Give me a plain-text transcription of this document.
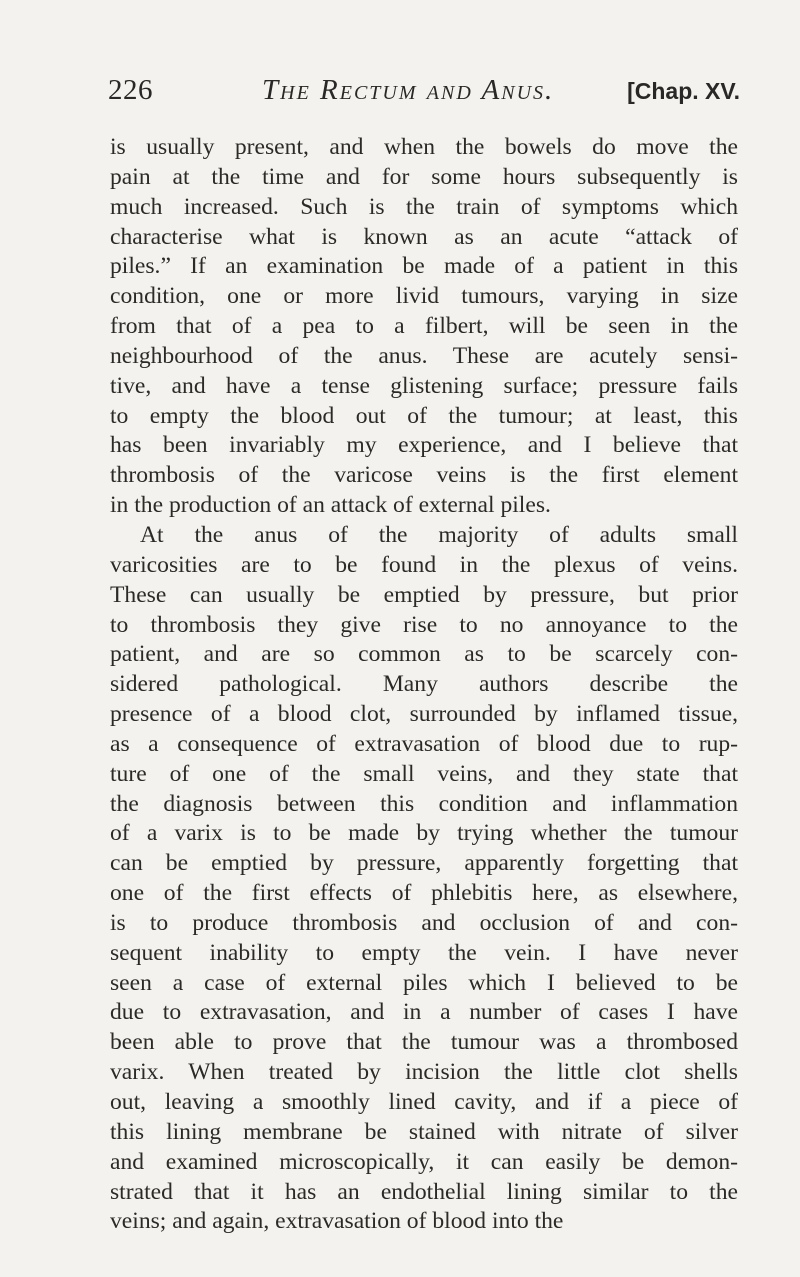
226	The Rectum and Anus.	[Chap. XV.
is usually present, and when the bowels do move the
pain at the time and for some hours subsequently is
much increased. Such is the train of symptoms which
characterise what is known as an acute “attack of
piles.” If an examination be made of a patient in this
condition, one or more livid tumours, varying in size
from that of a pea to a filbert, will be seen in the
neighbourhood of the anus. These are acutely sensi-
tive, and have a tense glistening surface; pressure fails
to empty the blood out of the tumour; at least, this
has been invariably my experience, and I believe that
thrombosis of the varicose veins is the first element
in the production of an attack of external piles.
At the anus of the majority of adults small
varicosities are to be found in the plexus of veins.
These can usually be emptied by pressure, but prior
to thrombosis they give rise to no annoyance to the
patient, and are so common as to be scarcely con-
sidered pathological. Many authors describe the
presence of a blood clot, surrounded by inflamed tissue,
as a consequence of extravasation of blood due to rup-
ture of one of the small veins, and they state that
the diagnosis between this condition and inflammation
of a varix is to be made by trying whether the tumour
can be emptied by pressure, apparently forgetting that
one of the first effects of phlebitis here, as elsewhere,
is to produce thrombosis and occlusion of and con-
sequent inability to empty the vein. I have never
seen a case of external piles which I believed to be
due to extravasation, and in a number of cases I have
been able to prove that the tumour was a thrombosed
varix. When treated by incision the little clot shells
out, leaving a smoothly lined cavity, and if a piece of
this lining membrane be stained with nitrate of silver
and examined microscopically, it can easily be demon-
strated that it has an endothelial lining similar to the
veins; and again, extravasation of blood into the
